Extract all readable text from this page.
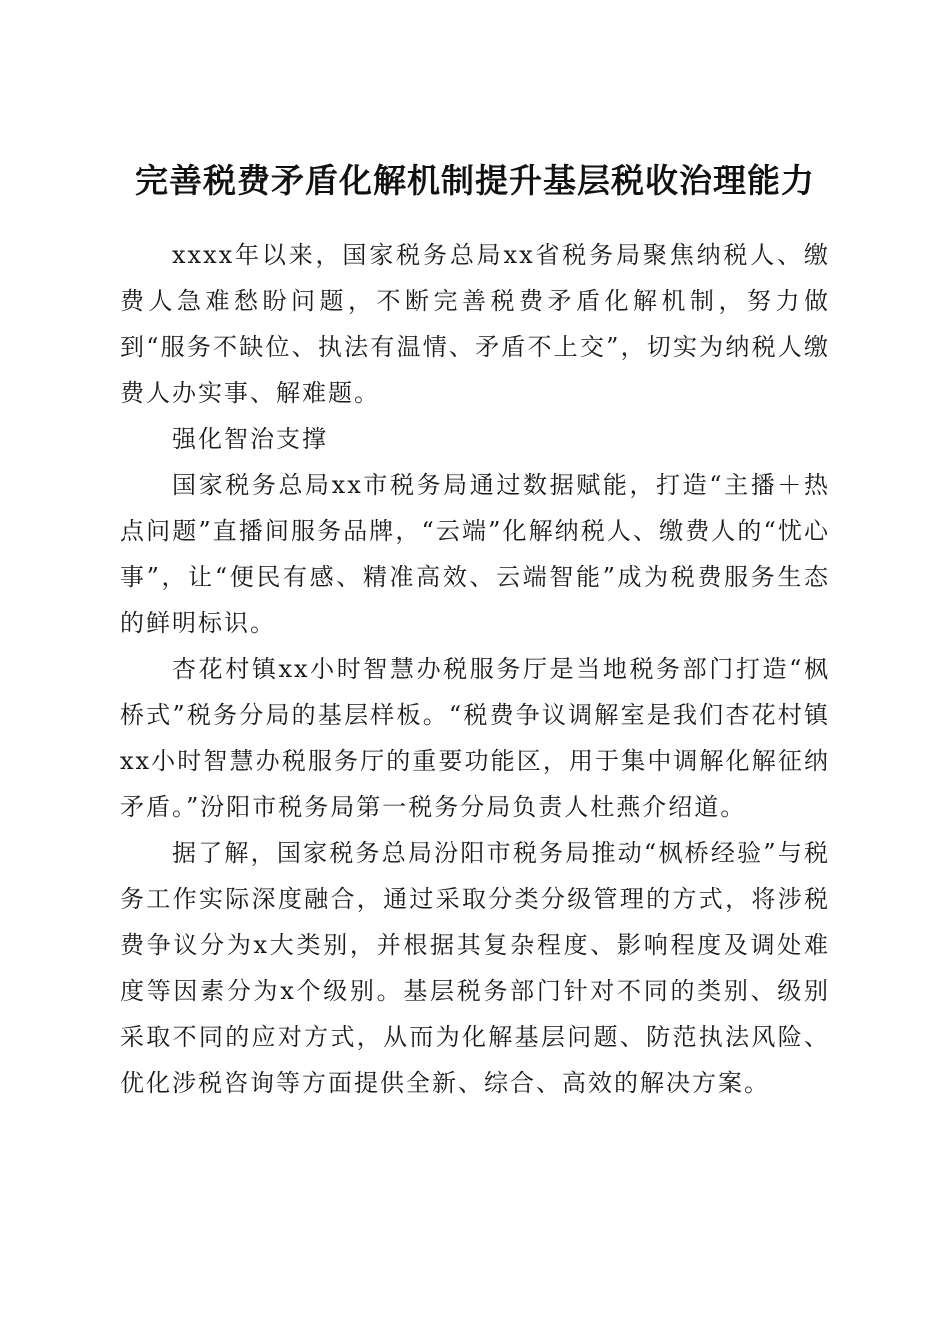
完善税费矛盾化解机制提升基层税收治理能力

xxxx年以来，国家税务总局xx省税务局聚焦纳税人、缴费人急难愁盼问题，不断完善税费矛盾化解机制，努力做到“服务不缺位、执法有温情、矛盾不上交”，切实为纳税人缴费人办实事、解难题。

强化智治支撑

国家税务总局xx市税务局通过数据赋能，打造“主播＋热点问题”直播间服务品牌，“云端”化解纳税人、缴费人的“忧心事”，让“便民有感、精准高效、云端智能”成为税费服务生态的鲜明标识。

杏花村镇xx小时智慧办税服务厅是当地税务部门打造“枫桥式”税务分局的基层样板。“税费争议调解室是我们杏花村镇xx小时智慧办税服务厅的重要功能区，用于集中调解化解征纳矛盾。”汾阳市税务局第一税务分局负责人杜燕介绍道。

据了解，国家税务总局汾阳市税务局推动“枫桥经验”与税务工作实际深度融合，通过采取分类分级管理的方式，将涉税费争议分为x大类别，并根据其复杂程度、影响程度及调处难度等因素分为x个级别。基层税务部门针对不同的类别、级别采取不同的应对方式，从而为化解基层问题、防范执法风险、优化涉税咨询等方面提供全新、综合、高效的解决方案。
